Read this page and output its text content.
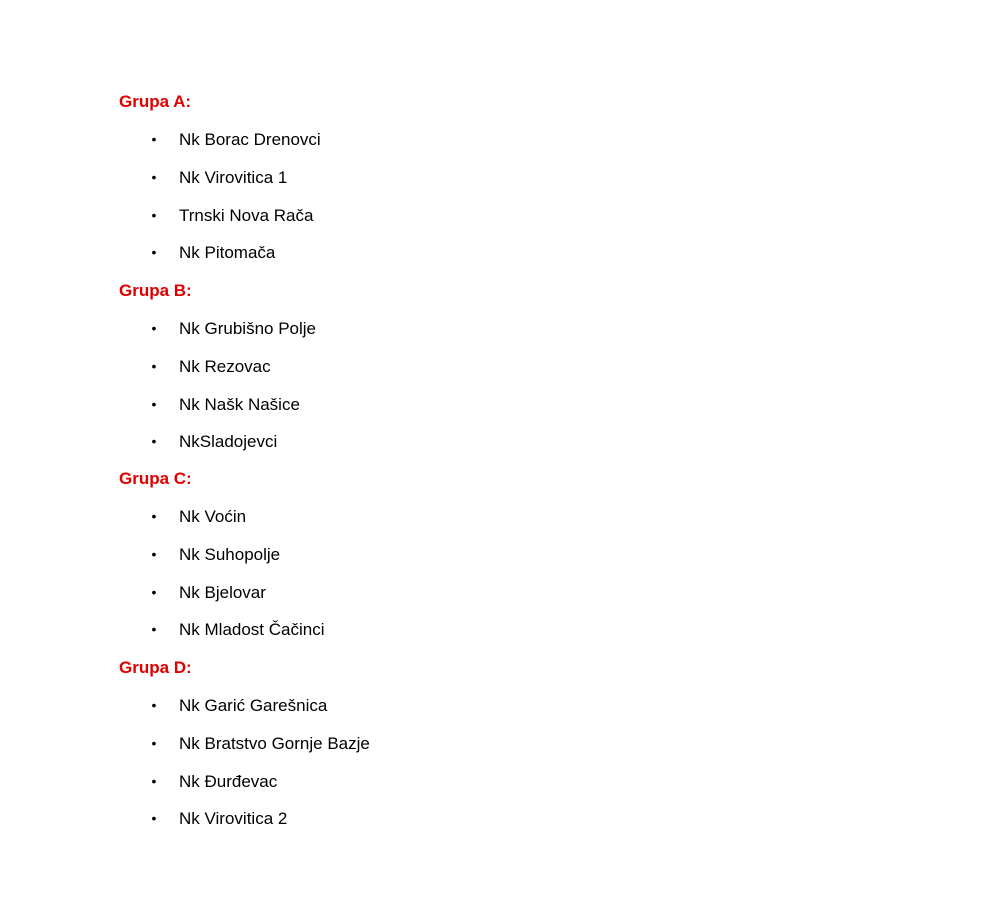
Grupa A:
• Nk Borac Drenovci
• Nk Virovitica 1
• Trnski Nova Rača
• Nk Pitomača
Grupa B:
• Nk Grubišno Polje
• Nk Rezovac
• Nk Našk Našice
• NkSladojevci
Grupa C:
• Nk Voćin
• Nk Suhopolje
• Nk Bjelovar
• Nk Mladost Čačinci
Grupa D:
• Nk Garić Garešnica
• Nk Bratstvo Gornje Bazje
• Nk Đurđevac
• Nk Virovitica 2
